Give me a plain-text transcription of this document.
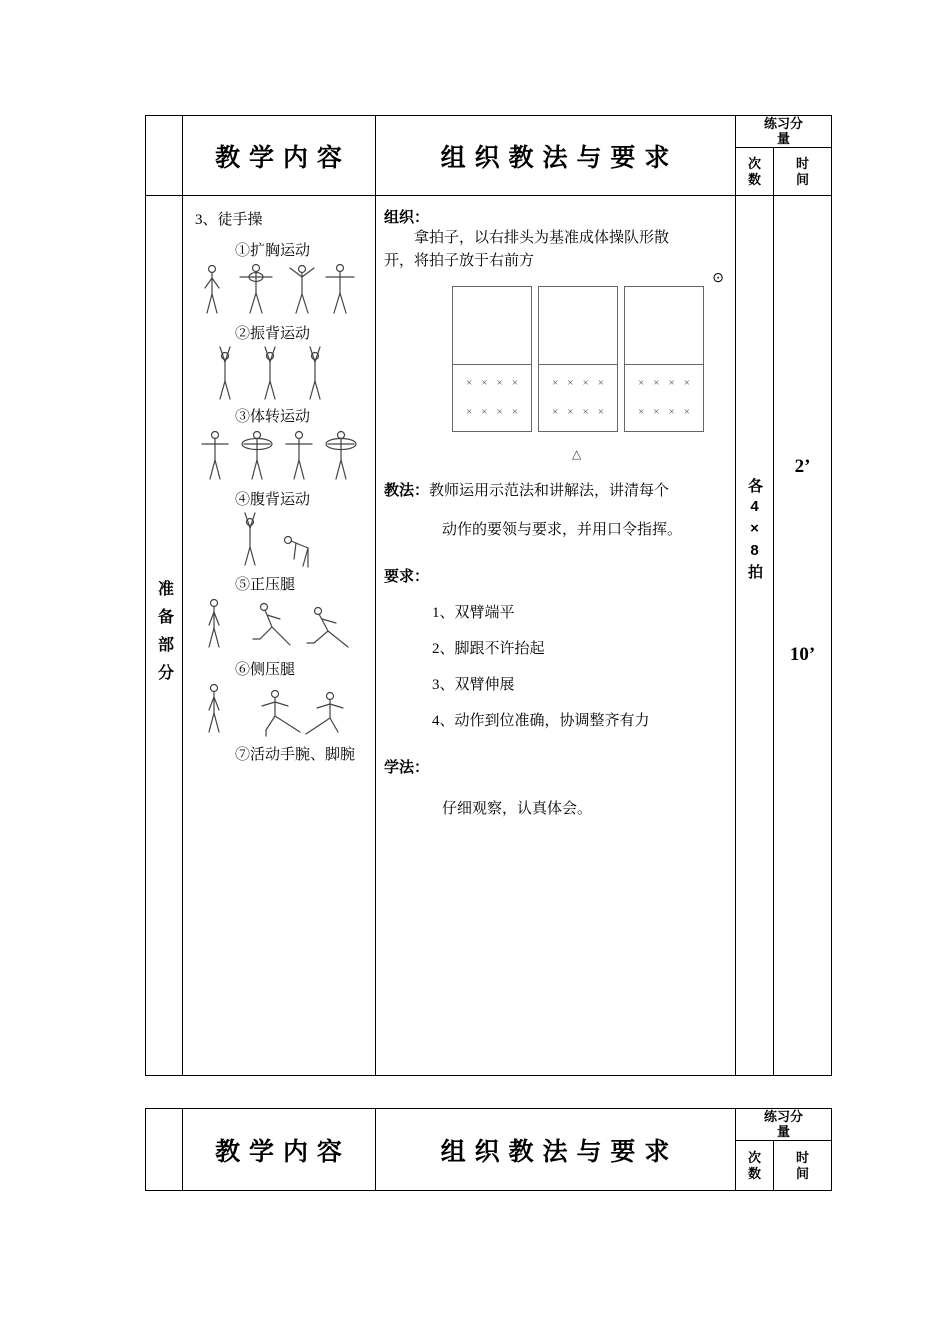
教 学 内 容	组 织 教 法 与 要 求
练习分量
次数
时间
准备部分
3、徒手操
①扩胸运动
②振背运动
③体转运动
④腹背运动
⑤正压腿
⑥侧压腿
⑦活动手腕、脚腕
组织：
拿拍子，以右排头为基准成体操队形散
开，将拍子放于右前方
××××
××××
××××
××××
××××
××××
⊙
△
教法：教师运用示范法和讲解法，讲清每个
动作的要领与要求，并用口令指挥。
要求：
1、双臂端平
2、脚跟不许抬起
3、双臂伸展
4、动作到位准确，协调整齐有力
学法：
仔细观察，认真体会。
各4×8拍
2’
10’
教 学 内 容	组 织 教 法 与 要 求
练习分量
次数
时间
